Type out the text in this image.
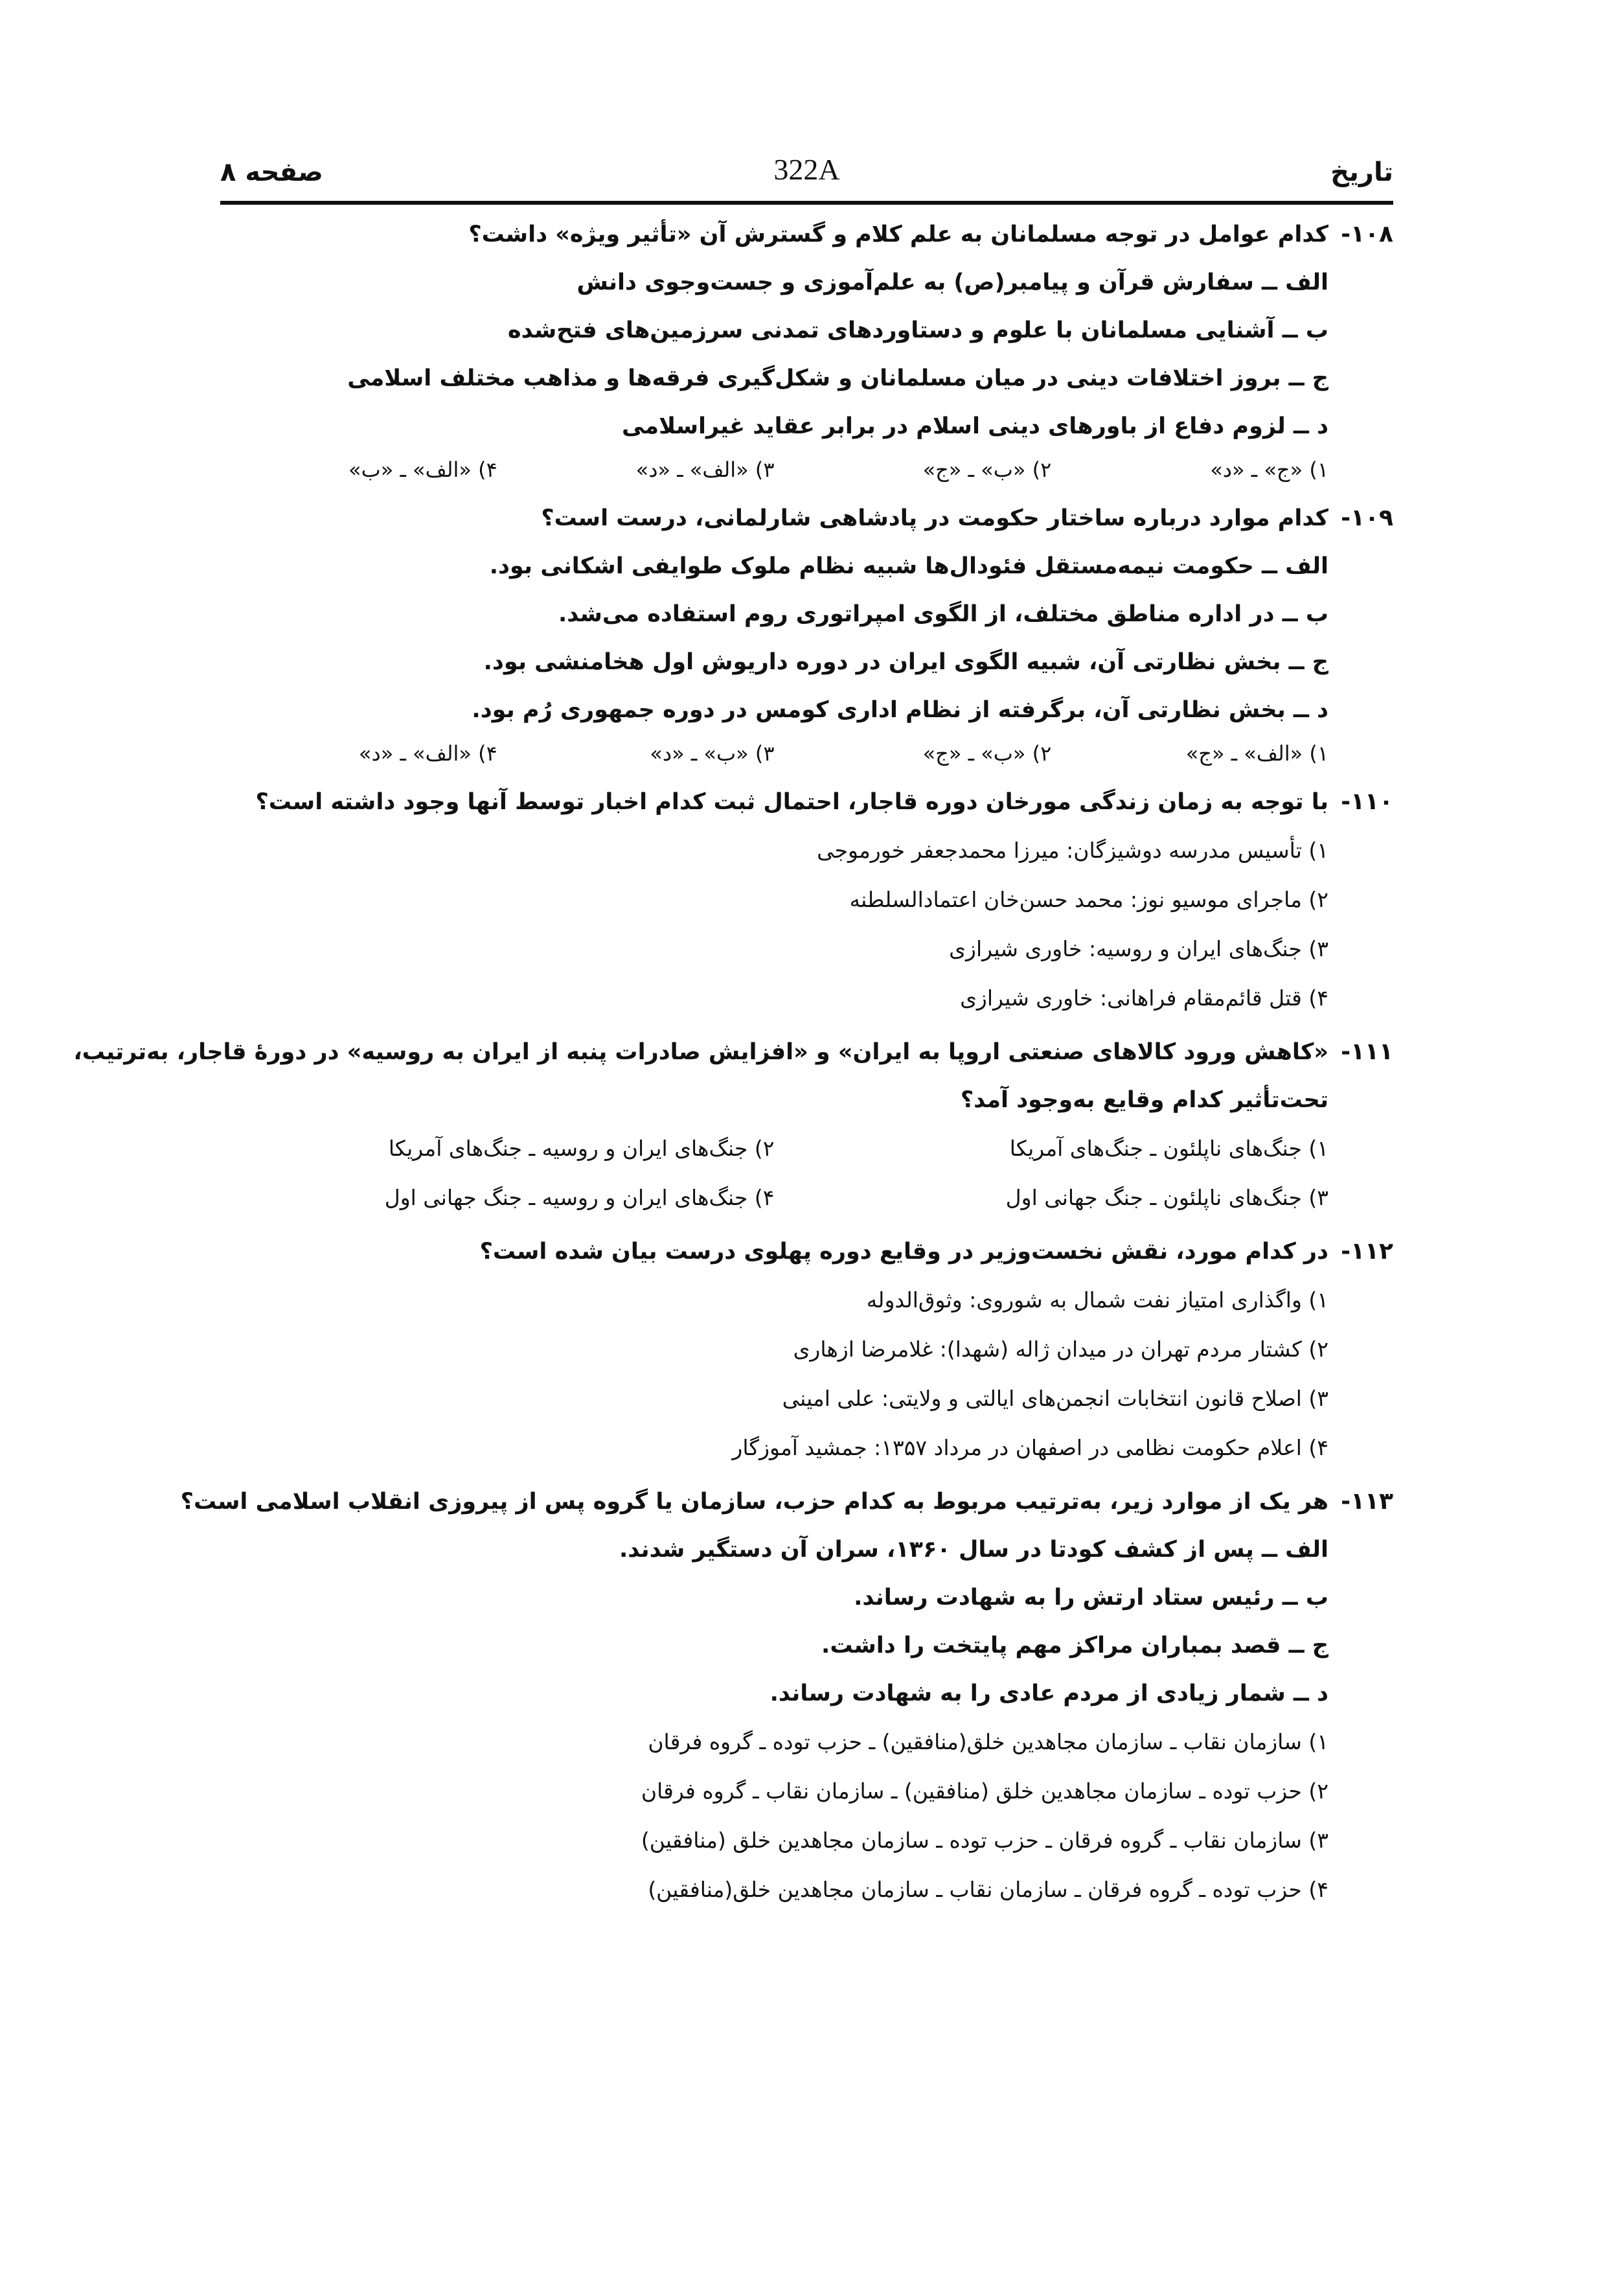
صفحه ۸	322A	تاریخ
۱۰۸-
کدام عوامل در توجه مسلمانان به علم کلام و گسترش آن «تأثیر ویژه» داشت؟
الف ــ سفارش قرآن و پیامبر(ص) به علم‌آموزی و جست‌وجوی دانش
ب ــ آشنایی مسلمانان با علوم و دستاوردهای تمدنی سرزمین‌های فتح‌شده
ج ــ بروز اختلافات دینی در میان مسلمانان و شکل‌گیری فرقه‌ها و مذاهب مختلف اسلامی
د ــ لزوم دفاع از باورهای دینی اسلام در برابر عقاید غیراسلامی
۱) «ج» ـ «د»
۲) «ب» ـ «ج»
۳) «الف» ـ «د»
۴) «الف» ـ «ب»
۱۰۹-
کدام موارد درباره ساختار حکومت در پادشاهی شارلمانی، درست است؟
الف ــ حکومت نیمه‌مستقل فئودال‌ها شبیه نظام ملوک طوایفی اشکانی بود.
ب ــ در اداره مناطق مختلف، از الگوی امپراتوری روم استفاده می‌شد.
ج ــ بخش نظارتی آن، شبیه الگوی ایران در دوره داریوش اول هخامنشی بود.
د ــ بخش نظارتی آن، برگرفته از نظام اداری کومس در دوره جمهوری رُم بود.
۱) «الف» ـ «ج»
۲) «ب» ـ «ج»
۳) «ب» ـ «د»
۴) «الف» ـ «د»
۱۱۰-
با توجه به زمان زندگی مورخان دوره قاجار، احتمال ثبت کدام اخبار توسط آنها وجود داشته است؟
۱) تأسیس مدرسه دوشیزگان: میرزا محمدجعفر خورموجی
۲) ماجرای موسیو نوز: محمد حسن‌خان اعتمادالسلطنه
۳) جنگ‌های ایران و روسیه: خاوری شیرازی
۴) قتل قائم‌مقام فراهانی: خاوری شیرازی
۱۱۱-
«کاهش ورود کالاهای صنعتی اروپا به ایران» و «افزایش صادرات پنبه از ایران به روسیه» در دورهٔ قاجار، به‌ترتیب،
تحت‌تأثیر کدام وقایع به‌وجود آمد؟
۱) جنگ‌های ناپلئون ـ جنگ‌های آمریکا
۲) جنگ‌های ایران و روسیه ـ جنگ‌های آمریکا
۳) جنگ‌های ناپلئون ـ جنگ جهانی اول
۴) جنگ‌های ایران و روسیه ـ جنگ جهانی اول
۱۱۲-
در کدام مورد، نقش نخست‌وزیر در وقایع دوره پهلوی درست بیان شده است؟
۱) واگذاری امتیاز نفت شمال به شوروی: وثوق‌الدوله
۲) کشتار مردم تهران در میدان ژاله (شهدا): غلامرضا ازهاری
۳) اصلاح قانون انتخابات انجمن‌های ایالتی و ولایتی: علی امینی
۴) اعلام حکومت نظامی در اصفهان در مرداد ۱۳۵۷: جمشید آموزگار
۱۱۳-
هر یک از موارد زیر، به‌ترتیب مربوط به کدام حزب، سازمان یا گروه پس از پیروزی انقلاب اسلامی است؟
الف ــ پس از کشف کودتا در سال ۱۳۶۰، سران آن دستگیر شدند.
ب ــ رئیس ستاد ارتش را به شهادت رساند.
ج ــ قصد بمباران مراکز مهم پایتخت را داشت.
د ــ شمار زیادی از مردم عادی را به شهادت رساند.
۱) سازمان نقاب ـ سازمان مجاهدین خلق(منافقین) ـ حزب توده ـ گروه فرقان
۲) حزب توده ـ سازمان مجاهدین خلق (منافقین) ـ سازمان نقاب ـ گروه فرقان
۳) سازمان نقاب ـ گروه فرقان ـ حزب توده ـ سازمان مجاهدین خلق (منافقین)
۴) حزب توده ـ گروه فرقان ـ سازمان نقاب ـ سازمان مجاهدین خلق(منافقین)
